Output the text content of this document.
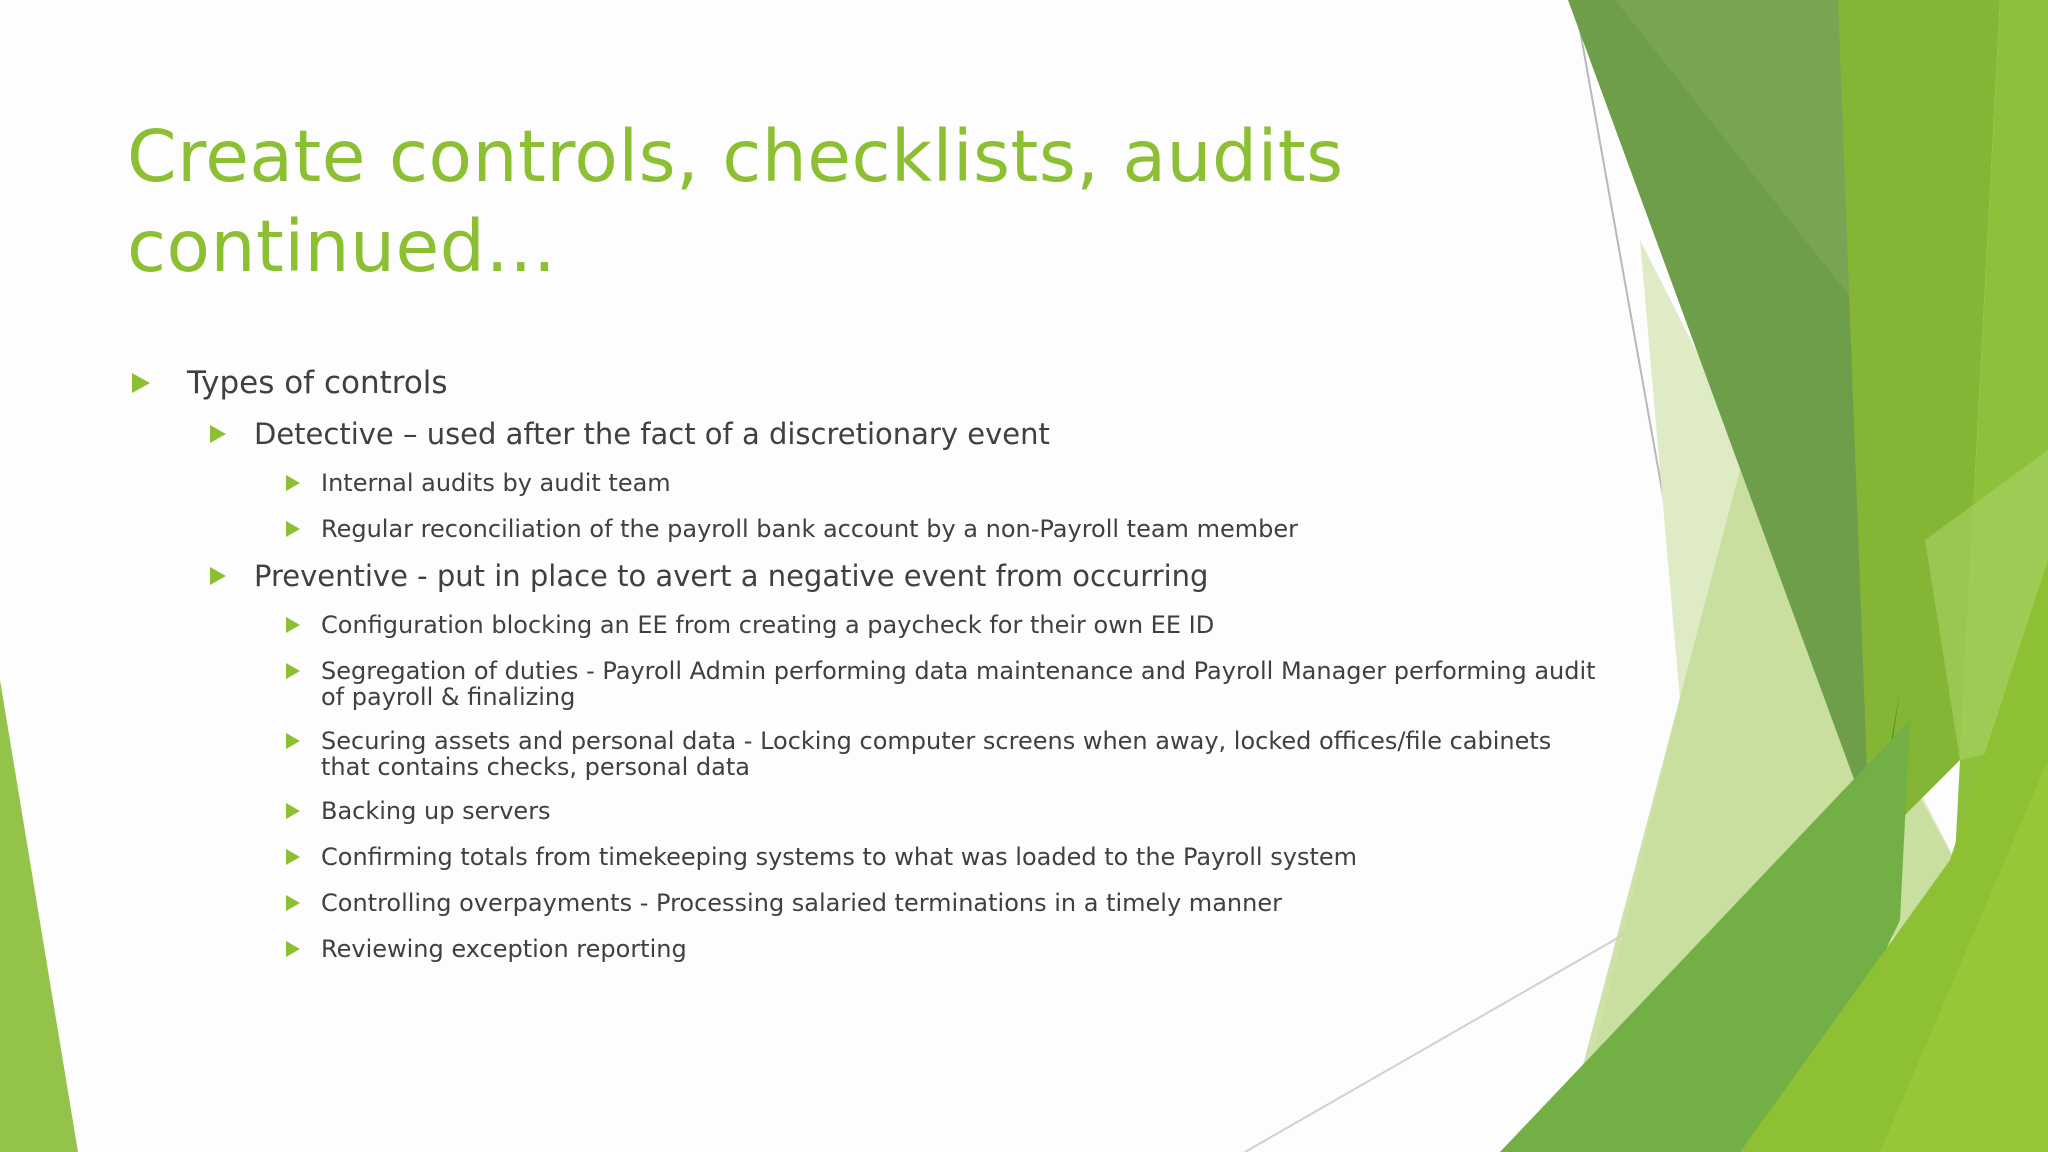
Create controls, checklists, audits continued…
Types of controls
Detective – used after the fact of a discretionary event
Internal audits by audit team
Regular reconciliation of the payroll bank account by a non-Payroll team member
Preventive - put in place to avert a negative event from occurring
Configuration blocking an EE from creating a paycheck for their own EE ID
Segregation of duties - Payroll Admin performing data maintenance and Payroll Manager performing audit
of payroll & finalizing
Securing assets and personal data - Locking computer screens when away, locked offices/file cabinets
that contains checks, personal data
Backing up servers
Confirming totals from timekeeping systems to what was loaded to the Payroll system
Controlling overpayments - Processing salaried terminations in a timely manner
Reviewing exception reporting
